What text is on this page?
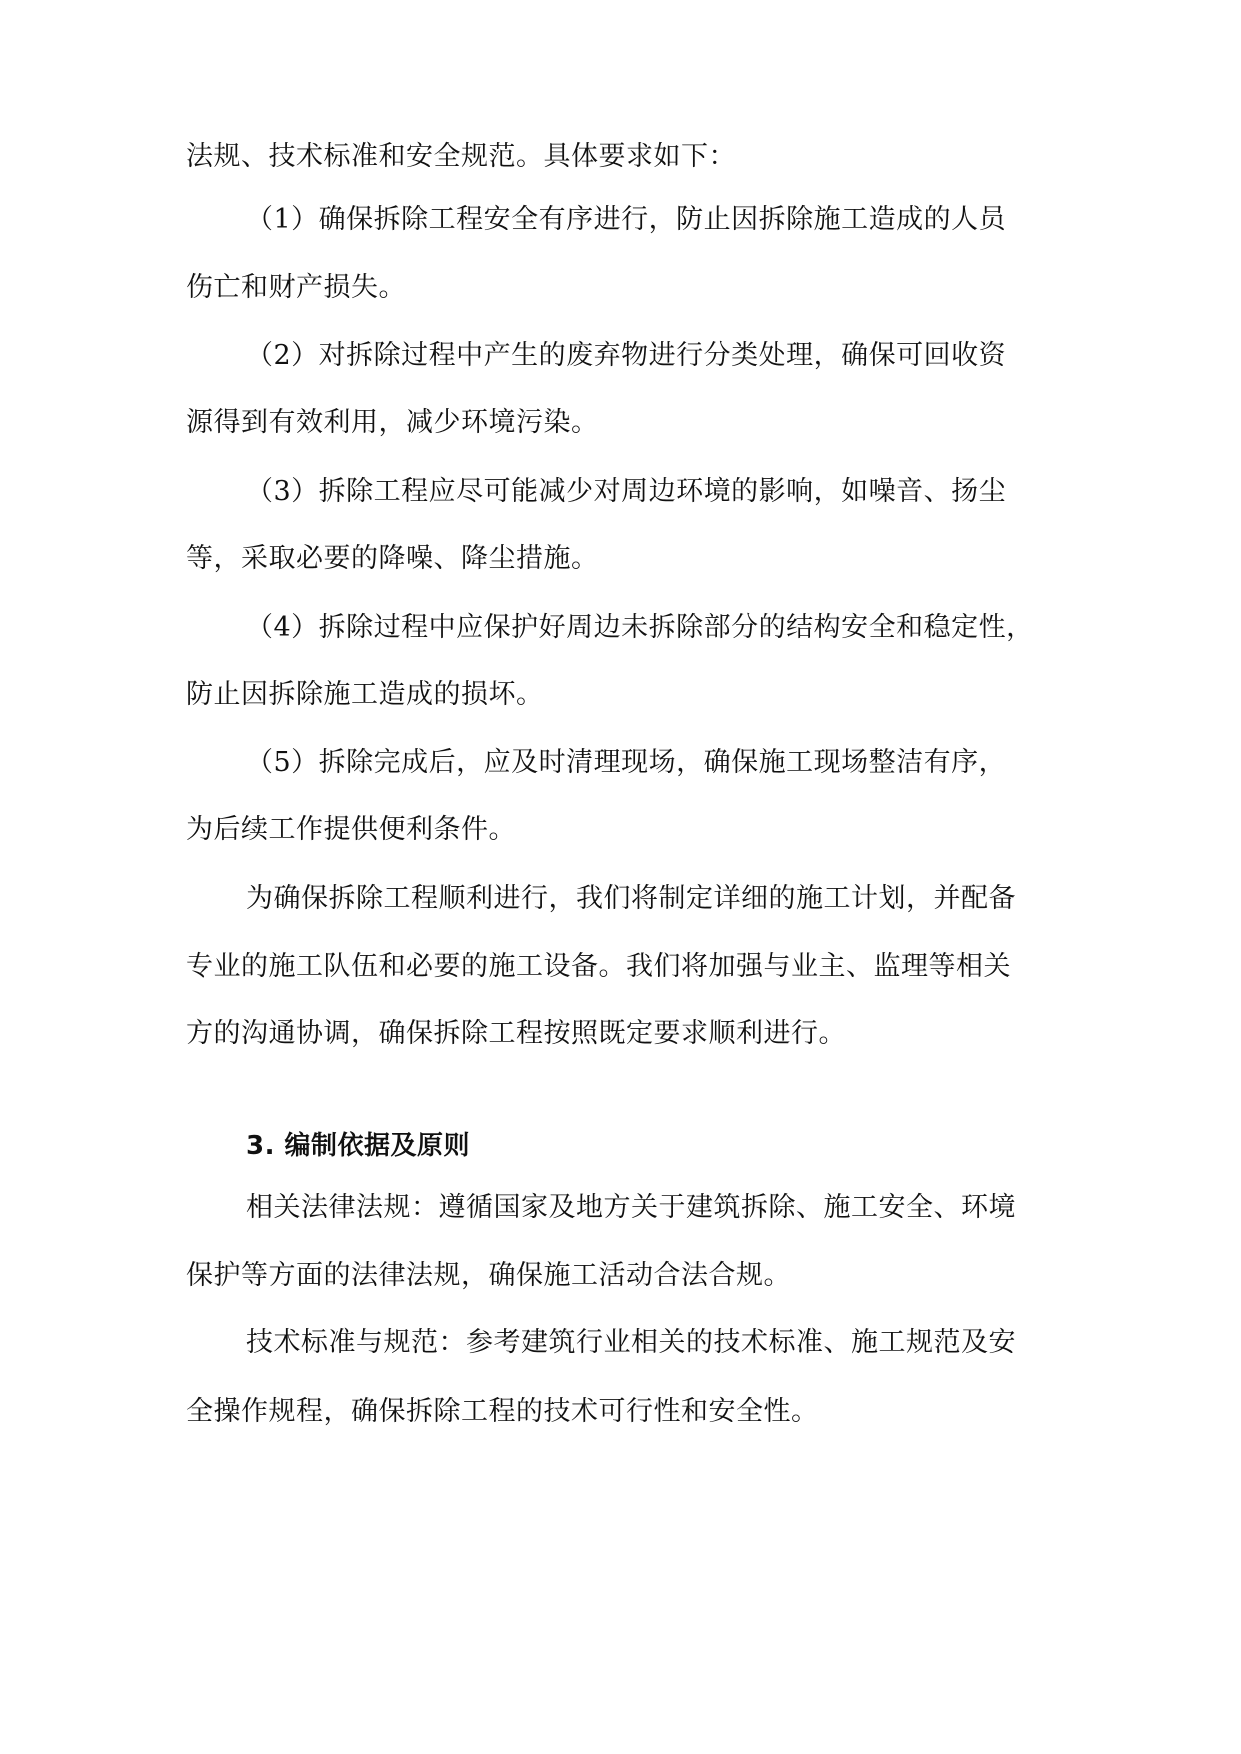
法规、技术标准和安全规范。具体要求如下：
（1）确保拆除工程安全有序进行，防止因拆除施工造成的人员
伤亡和财产损失。
（2）对拆除过程中产生的废弃物进行分类处理，确保可回收资
源得到有效利用，减少环境污染。
（3）拆除工程应尽可能减少对周边环境的影响，如噪音、扬尘
等，采取必要的降噪、降尘措施。
（4）拆除过程中应保护好周边未拆除部分的结构安全和稳定性，
防止因拆除施工造成的损坏。
（5）拆除完成后，应及时清理现场，确保施工现场整洁有序，
为后续工作提供便利条件。
为确保拆除工程顺利进行，我们将制定详细的施工计划，并配备
专业的施工队伍和必要的施工设备。我们将加强与业主、监理等相关
方的沟通协调，确保拆除工程按照既定要求顺利进行。
3. 编制依据及原则
相关法律法规：遵循国家及地方关于建筑拆除、施工安全、环境
保护等方面的法律法规，确保施工活动合法合规。
技术标准与规范：参考建筑行业相关的技术标准、施工规范及安
全操作规程，确保拆除工程的技术可行性和安全性。
